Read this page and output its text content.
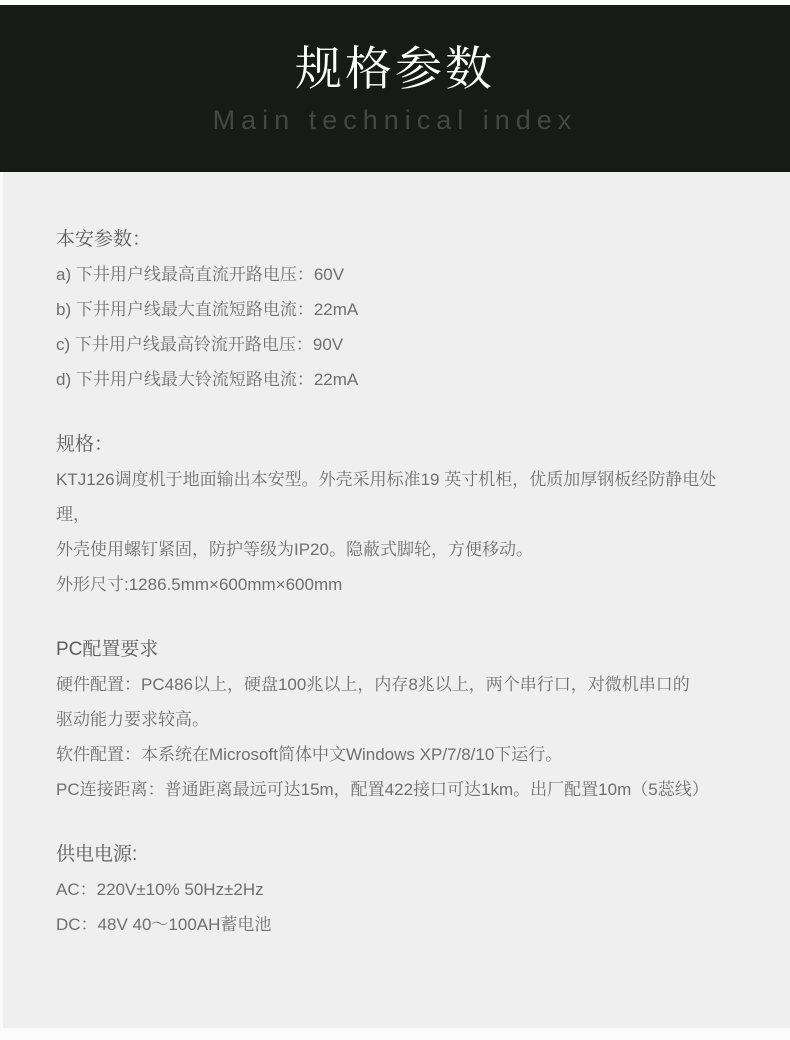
规格参数
Main technical index
本安参数：

a) 下井用户线最高直流开路电压：60V

b) 下井用户线最大直流短路电流：22mA

c) 下井用户线最高铃流开路电压：90V

d) 下井用户线最大铃流短路电流：22mA

规格：

KTJ126调度机于地面输出本安型。外壳采用标准19 英寸机柜，优质加厚钢板经防静电处理，

外壳使用螺钉紧固，防护等级为IP20。隐蔽式脚轮，方便移动。

外形尺寸:1286.5mm×600mm×600mm

PC配置要求

硬件配置：PC486以上，硬盘100兆以上，内存8兆以上，两个串行口，对微机串口的

驱动能力要求较高。

软件配置：本系统在Microsoft简体中文Windows XP/7/8/10下运行。

PC连接距离：普通距离最远可达15m，配置422接口可达1km。出厂配置10m（5蕊线）

供电电源:

AC：220V±10% 50Hz±2Hz

DC：48V 40～100AH蓄电池
